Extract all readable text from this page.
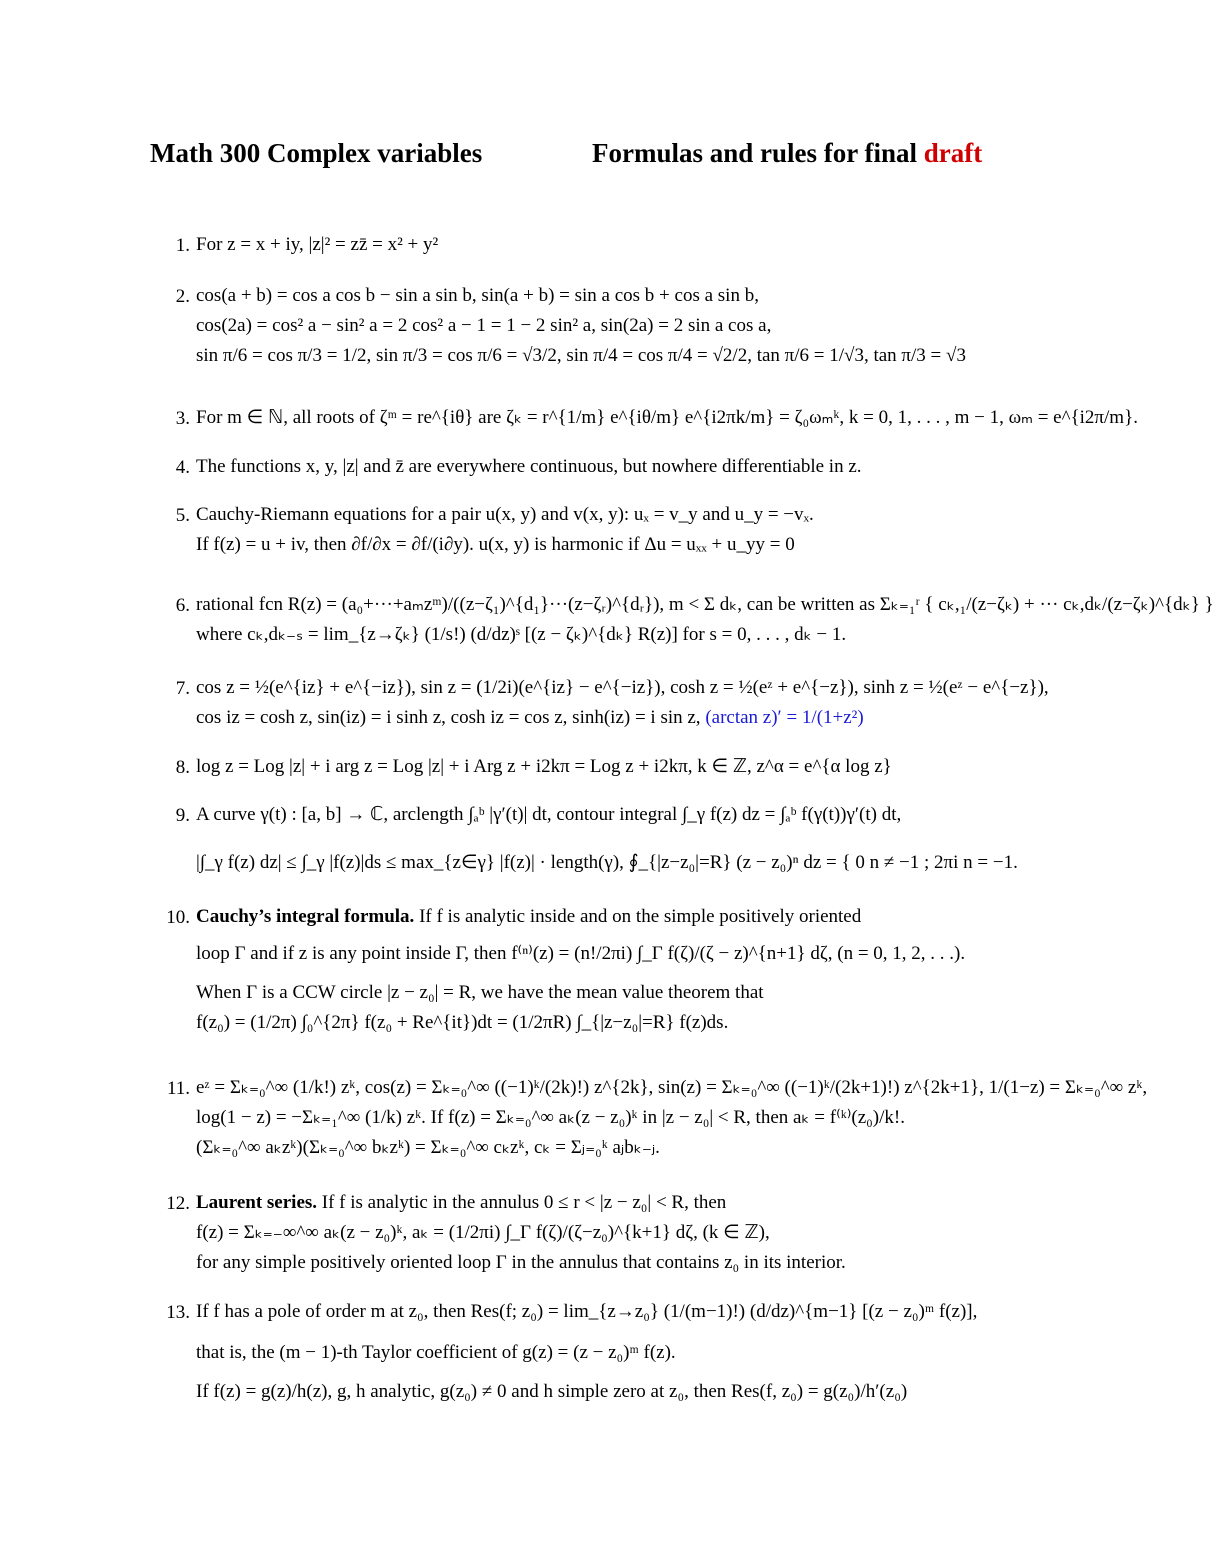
Math 300 Complex variables	Formulas and rules for final draft
1. For z = x + iy, |z|² = zz̄ = x² + y²
2. cos(a + b) = cos a cos b − sin a sin b, sin(a + b) = sin a cos b + cos a sin b,
cos(2a) = cos² a − sin² a = 2 cos² a − 1 = 1 − 2 sin² a, sin(2a) = 2 sin a cos a,
sin π/6 = cos π/3 = 1/2, sin π/3 = cos π/6 = √3/2, sin π/4 = cos π/4 = √2/2, tan π/6 = 1/√3, tan π/3 = √3
3. For m ∈ ℕ, all roots of ζᵐ = re^{iθ} are ζₖ = r^{1/m} e^{iθ/m} e^{i2πk/m} = ζ₀ωₘᵏ, k = 0, 1, . . . , m − 1, ωₘ = e^{i2π/m}.
4. The functions x, y, |z| and z̄ are everywhere continuous, but nowhere differentiable in z.
5. Cauchy-Riemann equations for a pair u(x, y) and v(x, y): uₓ = v_y and u_y = −vₓ.
If f(z) = u + iv, then ∂f/∂x = ∂f/(i∂y). u(x, y) is harmonic if Δu = uₓₓ + u_yy = 0
6. rational fcn R(z) = (a₀+···+aₘzᵐ)/((z−ζ₁)^{d₁}···(z−ζᵣ)^{dᵣ}), m < Σ dₖ, can be written as Σₖ₌₁ʳ { cₖ,₁/(z−ζₖ) + ··· cₖ,dₖ/(z−ζₖ)^{dₖ} }
where cₖ,dₖ₋ₛ = lim_{z→ζₖ} (1/s!) (d/dz)ˢ [(z − ζₖ)^{dₖ} R(z)] for s = 0, . . . , dₖ − 1.
7. cos z = ½(e^{iz} + e^{−iz}), sin z = (1/2i)(e^{iz} − e^{−iz}), cosh z = ½(eᶻ + e^{−z}), sinh z = ½(eᶻ − e^{−z}),
cos iz = cosh z, sin(iz) = i sinh z, cosh iz = cos z, sinh(iz) = i sin z, (arctan z)′ = 1/(1+z²)
8. log z = Log |z| + i arg z = Log |z| + i Arg z + i2kπ = Log z + i2kπ, k ∈ ℤ, z^α = e^{α log z}
9. A curve γ(t) : [a, b] → ℂ, arclength ∫ₐᵇ |γ′(t)| dt, contour integral ∫_γ f(z) dz = ∫ₐᵇ f(γ(t))γ′(t) dt,
|∫_γ f(z) dz| ≤ ∫_γ |f(z)|ds ≤ max_{z∈γ} |f(z)| · length(γ), ∮_{|z−z₀|=R} (z − z₀)ⁿ dz = { 0 n ≠ −1 ; 2πi n = −1.
10. Cauchy’s integral formula. If f is analytic inside and on the simple positively oriented
loop Γ and if z is any point inside Γ, then f⁽ⁿ⁾(z) = (n!/2πi) ∫_Γ f(ζ)/(ζ − z)^{n+1} dζ, (n = 0, 1, 2, . . .).
When Γ is a CCW circle |z − z₀| = R, we have the mean value theorem that
f(z₀) = (1/2π) ∫₀^{2π} f(z₀ + Re^{it})dt = (1/2πR) ∫_{|z−z₀|=R} f(z)ds.
11. eᶻ = Σₖ₌₀^∞ (1/k!) zᵏ, cos(z) = Σₖ₌₀^∞ ((−1)ᵏ/(2k)!) z^{2k}, sin(z) = Σₖ₌₀^∞ ((−1)ᵏ/(2k+1)!) z^{2k+1}, 1/(1−z) = Σₖ₌₀^∞ zᵏ,
log(1 − z) = −Σₖ₌₁^∞ (1/k) zᵏ. If f(z) = Σₖ₌₀^∞ aₖ(z − z₀)ᵏ in |z − z₀| < R, then aₖ = f⁽ᵏ⁾(z₀)/k!.
(Σₖ₌₀^∞ aₖzᵏ)(Σₖ₌₀^∞ bₖzᵏ) = Σₖ₌₀^∞ cₖzᵏ, cₖ = Σⱼ₌₀ᵏ aⱼbₖ₋ⱼ.
12. Laurent series. If f is analytic in the annulus 0 ≤ r < |z − z₀| < R, then
f(z) = Σₖ₌₋∞^∞ aₖ(z − z₀)ᵏ, aₖ = (1/2πi) ∫_Γ f(ζ)/(ζ−z₀)^{k+1} dζ, (k ∈ ℤ),
for any simple positively oriented loop Γ in the annulus that contains z₀ in its interior.
13. If f has a pole of order m at z₀, then Res(f; z₀) = lim_{z→z₀} (1/(m−1)!) (d/dz)^{m−1} [(z − z₀)ᵐ f(z)],
that is, the (m − 1)-th Taylor coefficient of g(z) = (z − z₀)ᵐ f(z).
If f(z) = g(z)/h(z), g, h analytic, g(z₀) ≠ 0 and h simple zero at z₀, then Res(f, z₀) = g(z₀)/h′(z₀)
